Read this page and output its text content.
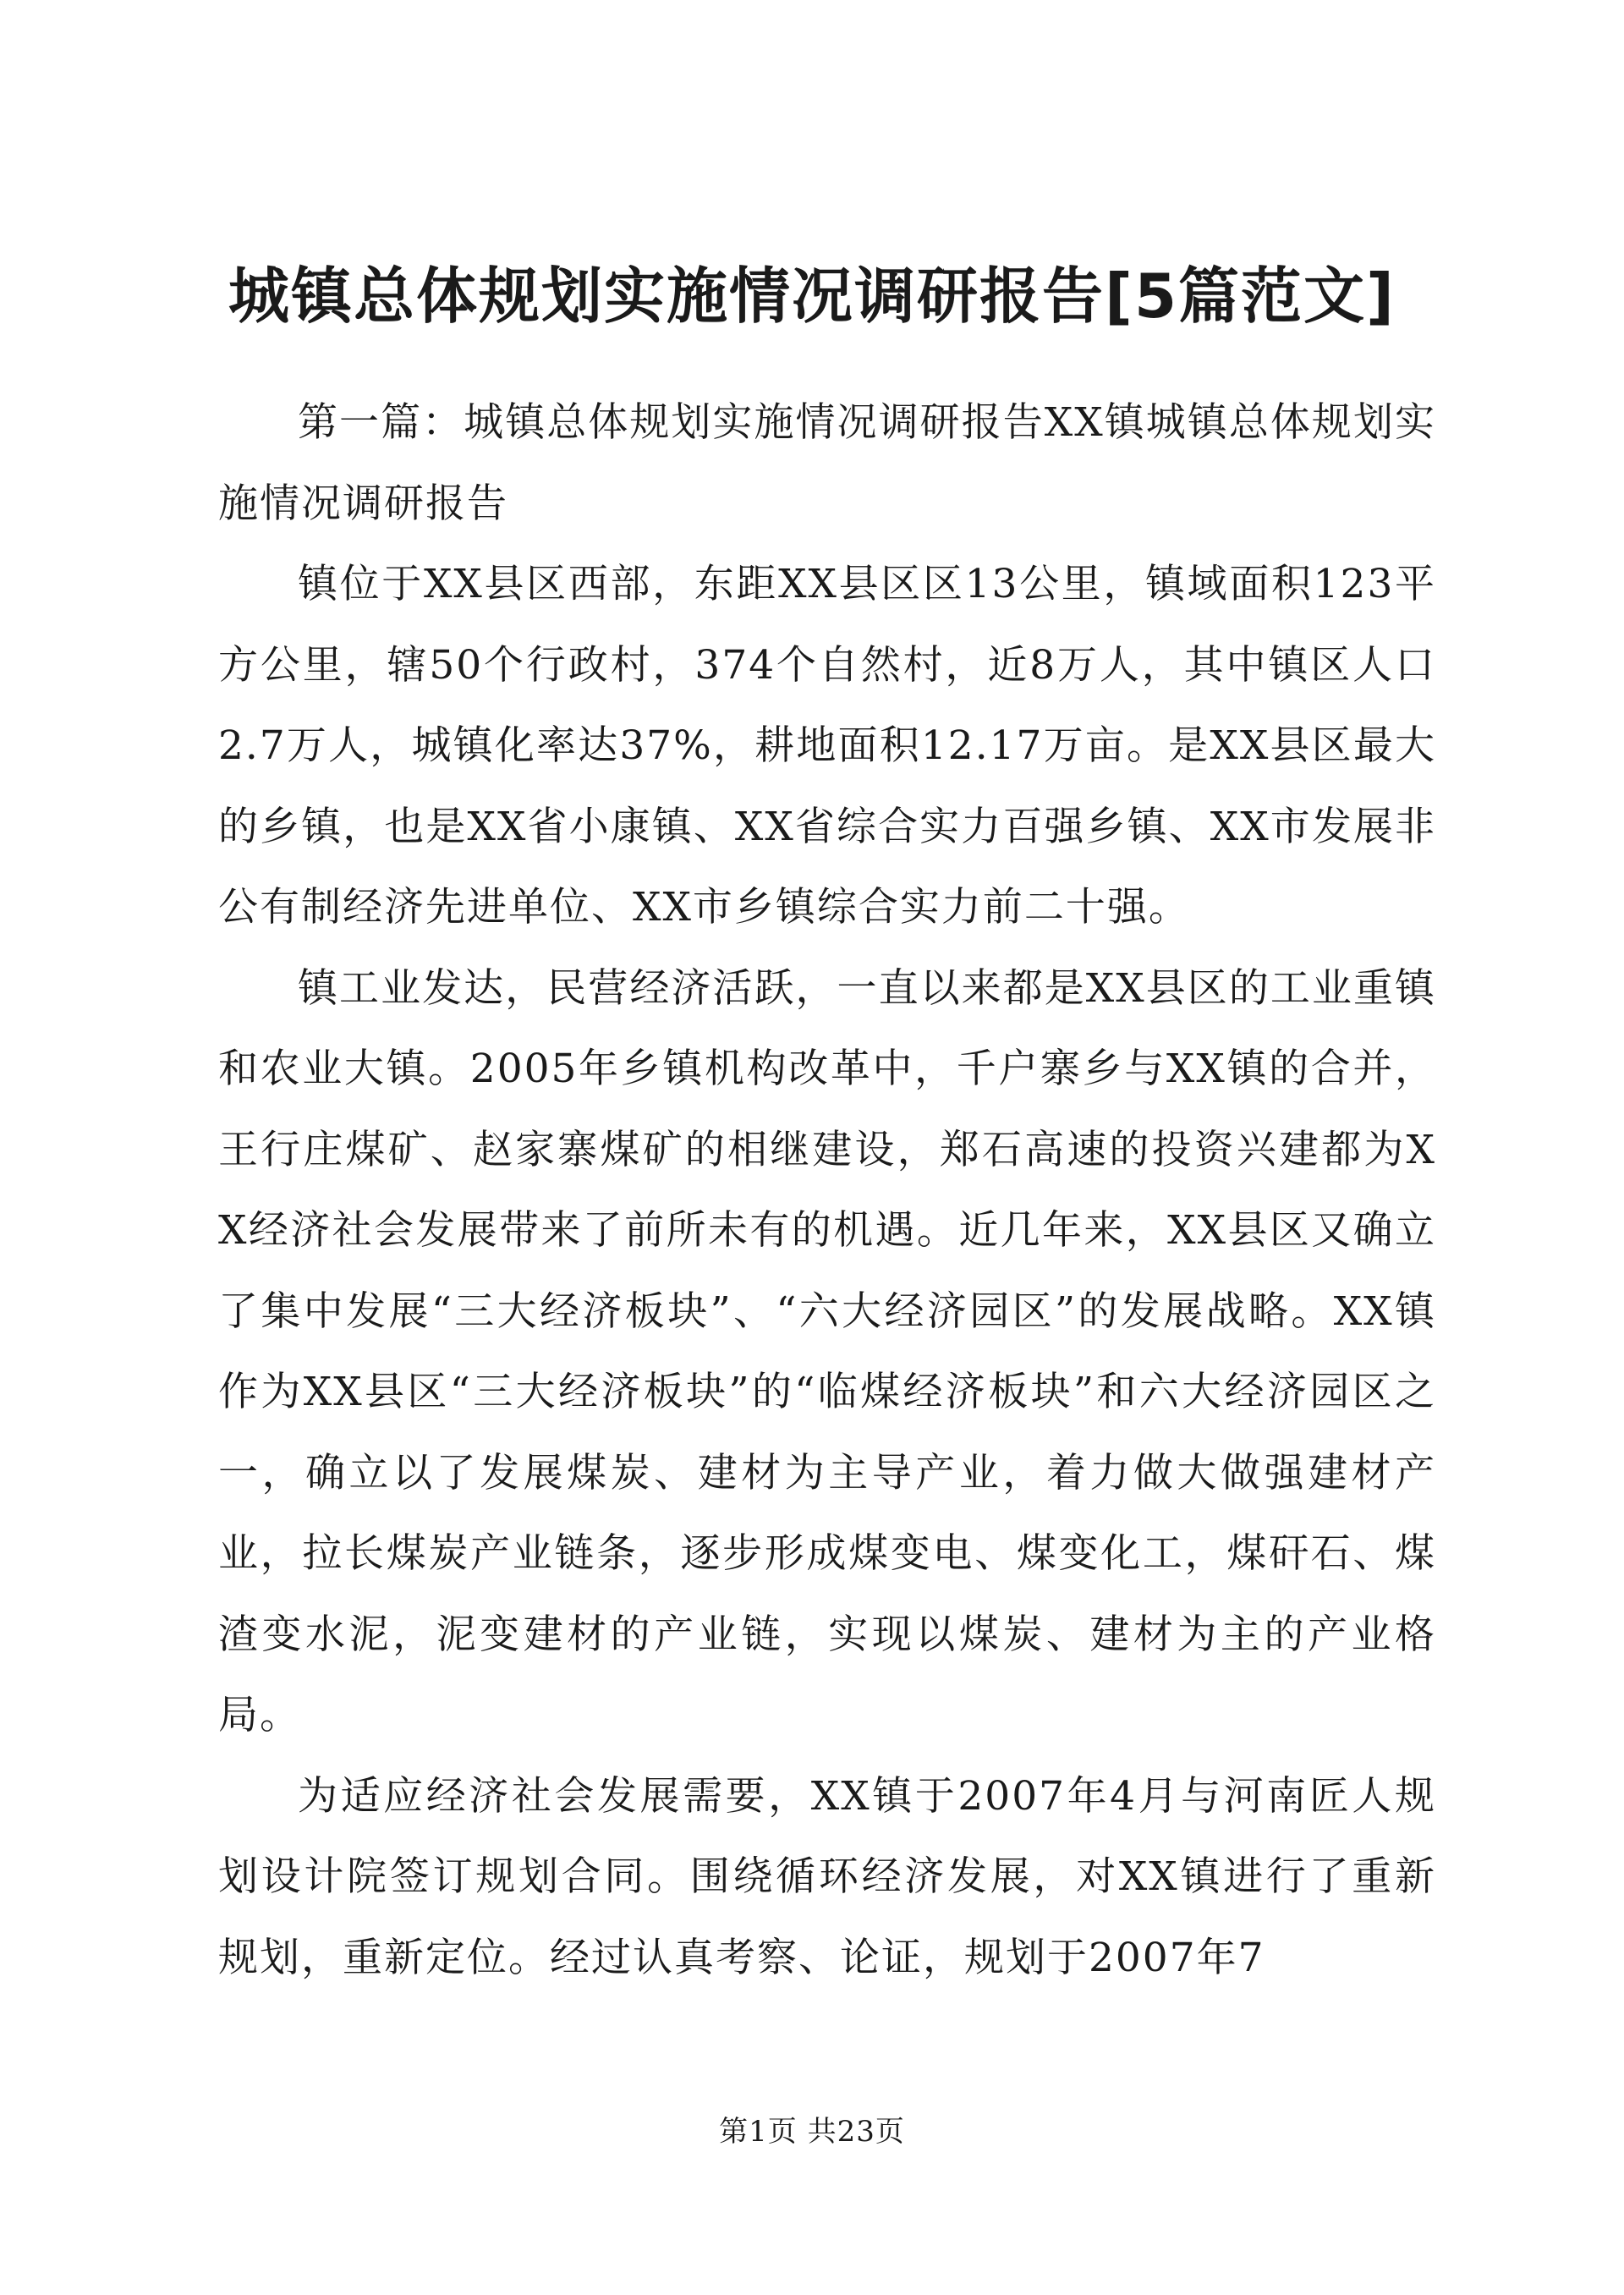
城镇总体规划实施情况调研报告[5篇范文]

第一篇：城镇总体规划实施情况调研报告XX镇城镇总体规划实施情况调研报告

镇位于XX县区西部，东距XX县区区13公里，镇域面积123平方公里，辖50个行政村，374个自然村，近8万人，其中镇区人口2.7万人，城镇化率达37%，耕地面积12.17万亩。是XX县区最大的乡镇，也是XX省小康镇、XX省综合实力百强乡镇、XX市发展非公有制经济先进单位、XX市乡镇综合实力前二十强。

镇工业发达，民营经济活跃，一直以来都是XX县区的工业重镇和农业大镇。2005年乡镇机构改革中，千户寨乡与XX镇的合并，王行庄煤矿、赵家寨煤矿的相继建设，郑石高速的投资兴建都为XX经济社会发展带来了前所未有的机遇。近几年来，XX县区又确立了集中发展“三大经济板块”、“六大经济园区”的发展战略。XX镇作为XX县区“三大经济板块”的“临煤经济板块”和六大经济园区之一，确立以了发展煤炭、建材为主导产业，着力做大做强建材产业，拉长煤炭产业链条，逐步形成煤变电、煤变化工，煤矸石、煤渣变水泥，泥变建材的产业链，实现以煤炭、建材为主的产业格局。

为适应经济社会发展需要，XX镇于2007年4月与河南匠人规划设计院签订规划合同。围绕循环经济发展，对XX镇进行了重新规划，重新定位。经过认真考察、论证，规划于2007年7

第1页 共23页
